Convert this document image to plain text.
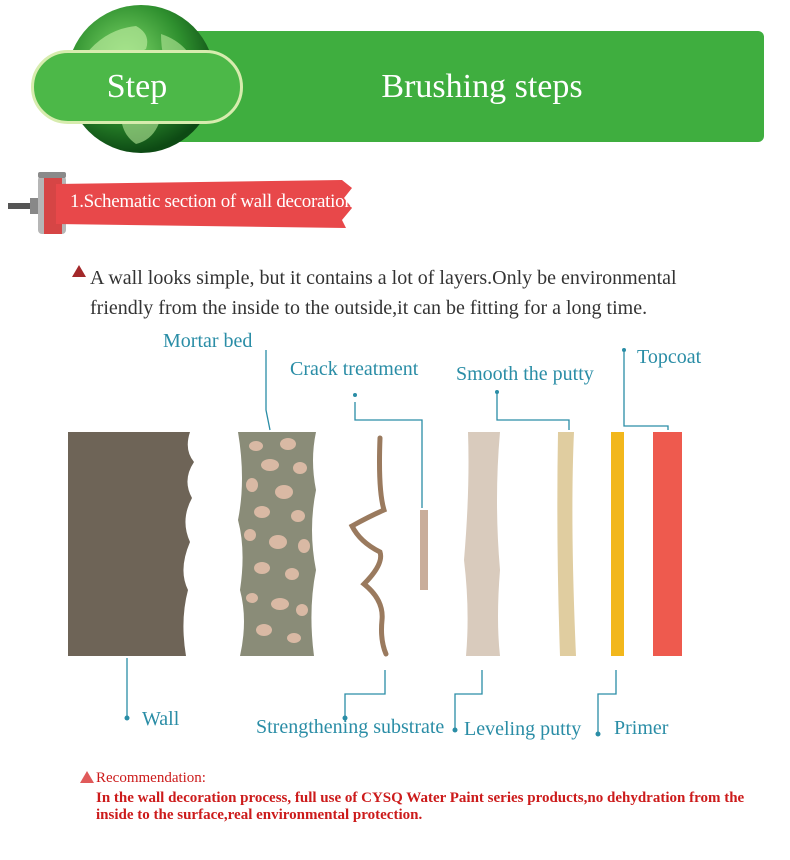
Brushing steps
Step
1.Schematic section of wall decoration
A wall looks simple, but it contains a lot of layers.Only be environmental friendly from the inside to the outside,it can be fitting for a long time.
Mortar bed
Crack treatment Smooth the putty
Topcoat
Wall	Strengthening substrate Leveling putty Primer
Recommendation:
In the wall decoration process, full use of CYSQ Water Paint series products,no dehydration from the inside to the surface,real environmental protection.
